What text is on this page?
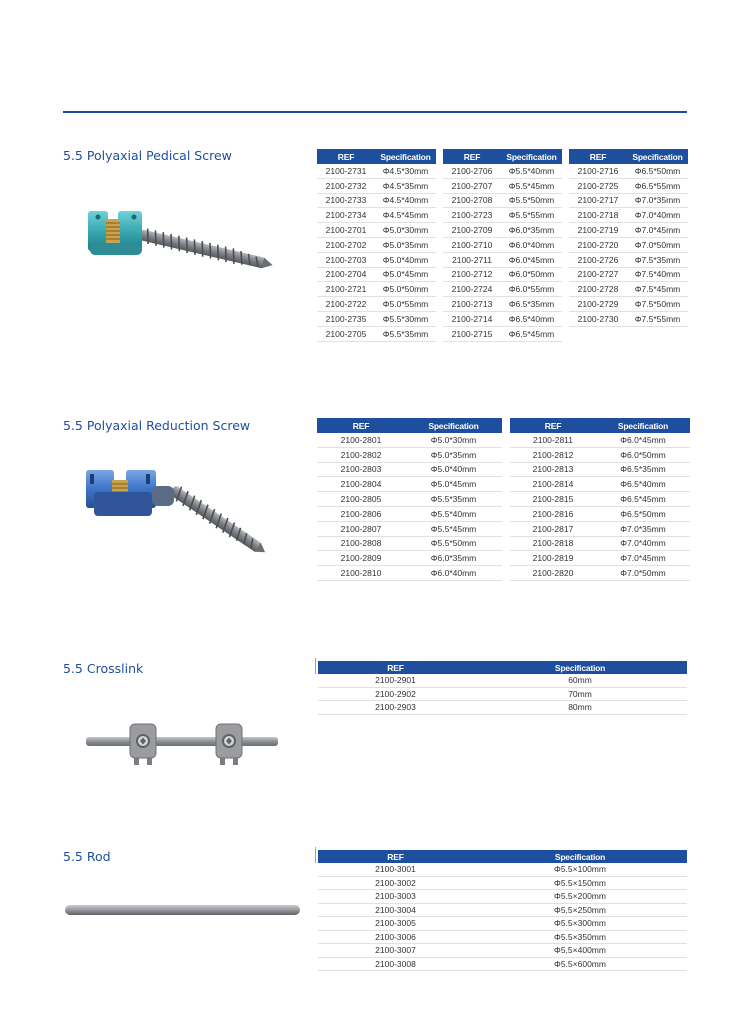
5.5 Polyaxial Pedical Screw	REF	Specification
2100-2731	Φ4.5*30mm
2100-2732	Φ4.5*35mm
2100-2733	Φ4.5*40mm
2100-2734	Φ4.5*45mm
2100-2701	Φ5.0*30mm
2100-2702	Φ5.0*35mm
2100-2703	Φ5.0*40mm
2100-2704	Φ5.0*45mm
2100-2721	Φ5.0*50mm
2100-2722	Φ5.0*55mm
2100-2735	Φ5.5*30mm
2100-2705	Φ5.5*35mm
REF	Specification
2100-2706	Φ5.5*40mm
2100-2707	Φ5.5*45mm
2100-2708	Φ5.5*50mm
2100-2723	Φ5.5*55mm
2100-2709	Φ6.0*35mm
2100-2710	Φ6.0*40mm
2100-2711	Φ6.0*45mm
2100-2712	Φ6.0*50mm
2100-2724	Φ6.0*55mm
2100-2713	Φ6.5*35mm
2100-2714	Φ6.5*40mm
2100-2715	Φ6.5*45mm
REF	Specification
2100-2716	Φ6.5*50mm
2100-2725	Φ6.5*55mm
2100-2717	Φ7.0*35mm
2100-2718	Φ7.0*40mm
2100-2719	Φ7.0*45mm
2100-2720	Φ7.0*50mm
2100-2726	Φ7.5*35mm
2100-2727	Φ7.5*40mm
2100-2728	Φ7.5*45mm
2100-2729	Φ7.5*50mm
2100-2730	Φ7.5*55mm
5.5 Polyaxial Reduction Screw	REF	Specification
2100-2801	Φ5.0*30mm
2100-2802	Φ5.0*35mm
2100-2803	Φ5.0*40mm
2100-2804	Φ5.0*45mm
2100-2805	Φ5.5*35mm
2100-2806	Φ5.5*40mm
2100-2807	Φ5.5*45mm
2100-2808	Φ5.5*50mm
2100-2809	Φ6.0*35mm
2100-2810	Φ6.0*40mm
REF	Specification
2100-2811	Φ6.0*45mm
2100-2812	Φ6.0*50mm
2100-2813	Φ6.5*35mm
2100-2814	Φ6.5*40mm
2100-2815	Φ6.5*45mm
2100-2816	Φ6.5*50mm
2100-2817	Φ7.0*35mm
2100-2818	Φ7.0*40mm
2100-2819	Φ7.0*45mm
2100-2820	Φ7.0*50mm
5.5 Crosslink	REF	Specification
2100-2901	60mm
2100-2902	70mm
2100-2903	80mm
5.5 Rod	REF	Specification
2100-3001	Φ5.5×100mm
2100-3002	Φ5.5×150mm
2100-3003	Φ5.5×200mm
2100-3004	Φ5.5×250mm
2100-3005	Φ5.5×300mm
2100-3006	Φ5.5×350mm
2100-3007	Φ5.5×400mm
2100-3008	Φ5.5×600mm
